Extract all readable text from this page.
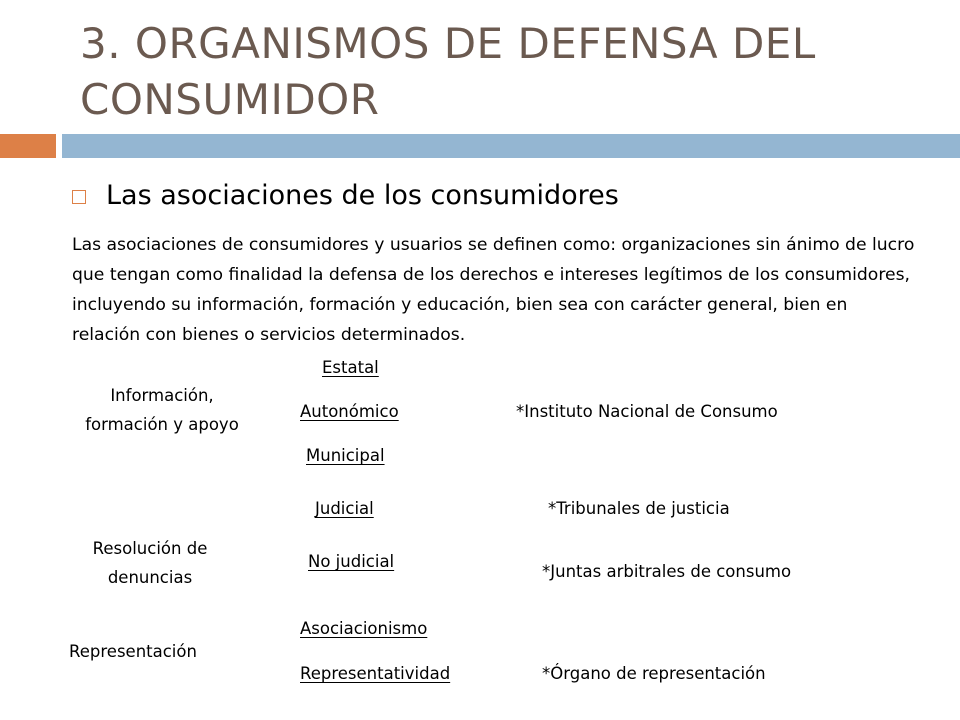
3. ORGANISMOS DE DEFENSA DEL CONSUMIDOR
Las asociaciones de los consumidores
Las asociaciones de consumidores y usuarios se definen como: organizaciones sin ánimo de lucro que tengan como finalidad la defensa de los derechos e intereses legítimos de los consumidores, incluyendo su información, formación y educación, bien sea con carácter general, bien en relación con bienes o servicios determinados.
Información,
formación y apoyo
Estatal
Autonómico
Municipal
*Instituto Nacional de Consumo
Resolución de
denuncias
Judicial
No judicial
*Tribunales de justicia
*Juntas arbitrales de consumo
Representación
Asociacionismo
Representatividad	*Órgano de representación
